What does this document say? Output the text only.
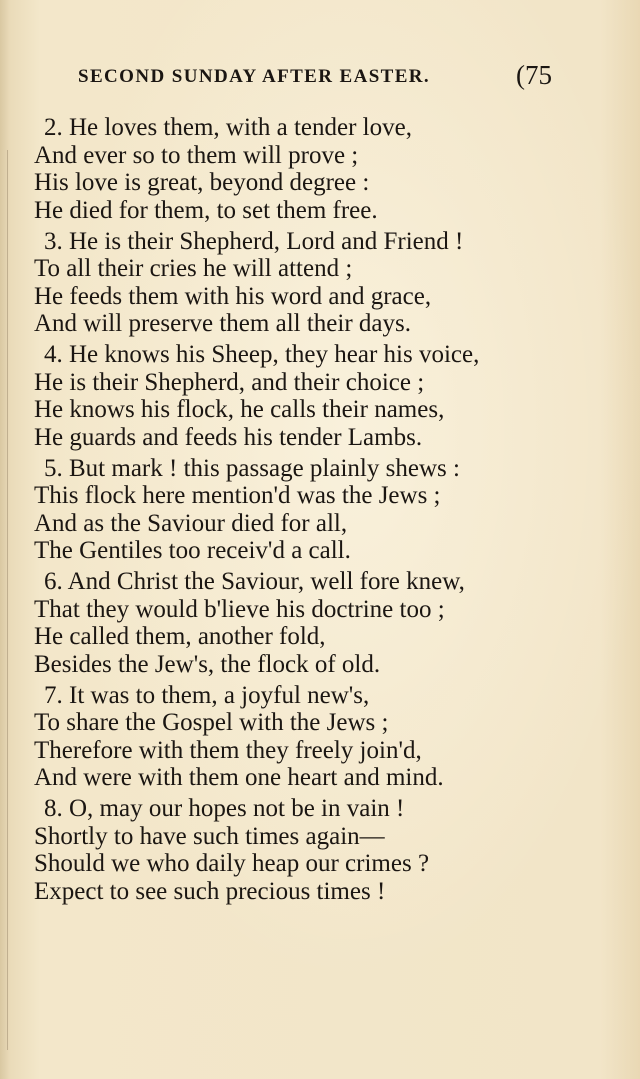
SECOND SUNDAY AFTER EASTER.	(75
2. He loves them, with a tender love,
And ever so to them will prove ;
His love is great, beyond degree :
He died for them, to set them free.
3. He is their Shepherd, Lord and Friend !
To all their cries he will attend ;
He feeds them with his word and grace,
And will preserve them all their days.
4. He knows his Sheep, they hear his voice,
He is their Shepherd, and their choice ;
He knows his flock, he calls their names,
He guards and feeds his tender Lambs.
5. But mark ! this passage plainly shews :
This flock here mention'd was the Jews ;
And as the Saviour died for all,
The Gentiles too receiv'd a call.
6. And Christ the Saviour, well fore knew,
That they would b'lieve his doctrine too ;
He called them, another fold,
Besides the Jew's, the flock of old.
7. It was to them, a joyful new's,
To share the Gospel with the Jews ;
Therefore with them they freely join'd,
And were with them one heart and mind.
8. O, may our hopes not be in vain !
Shortly to have such times again—
Should we who daily heap our crimes ?
Expect to see such precious times !
